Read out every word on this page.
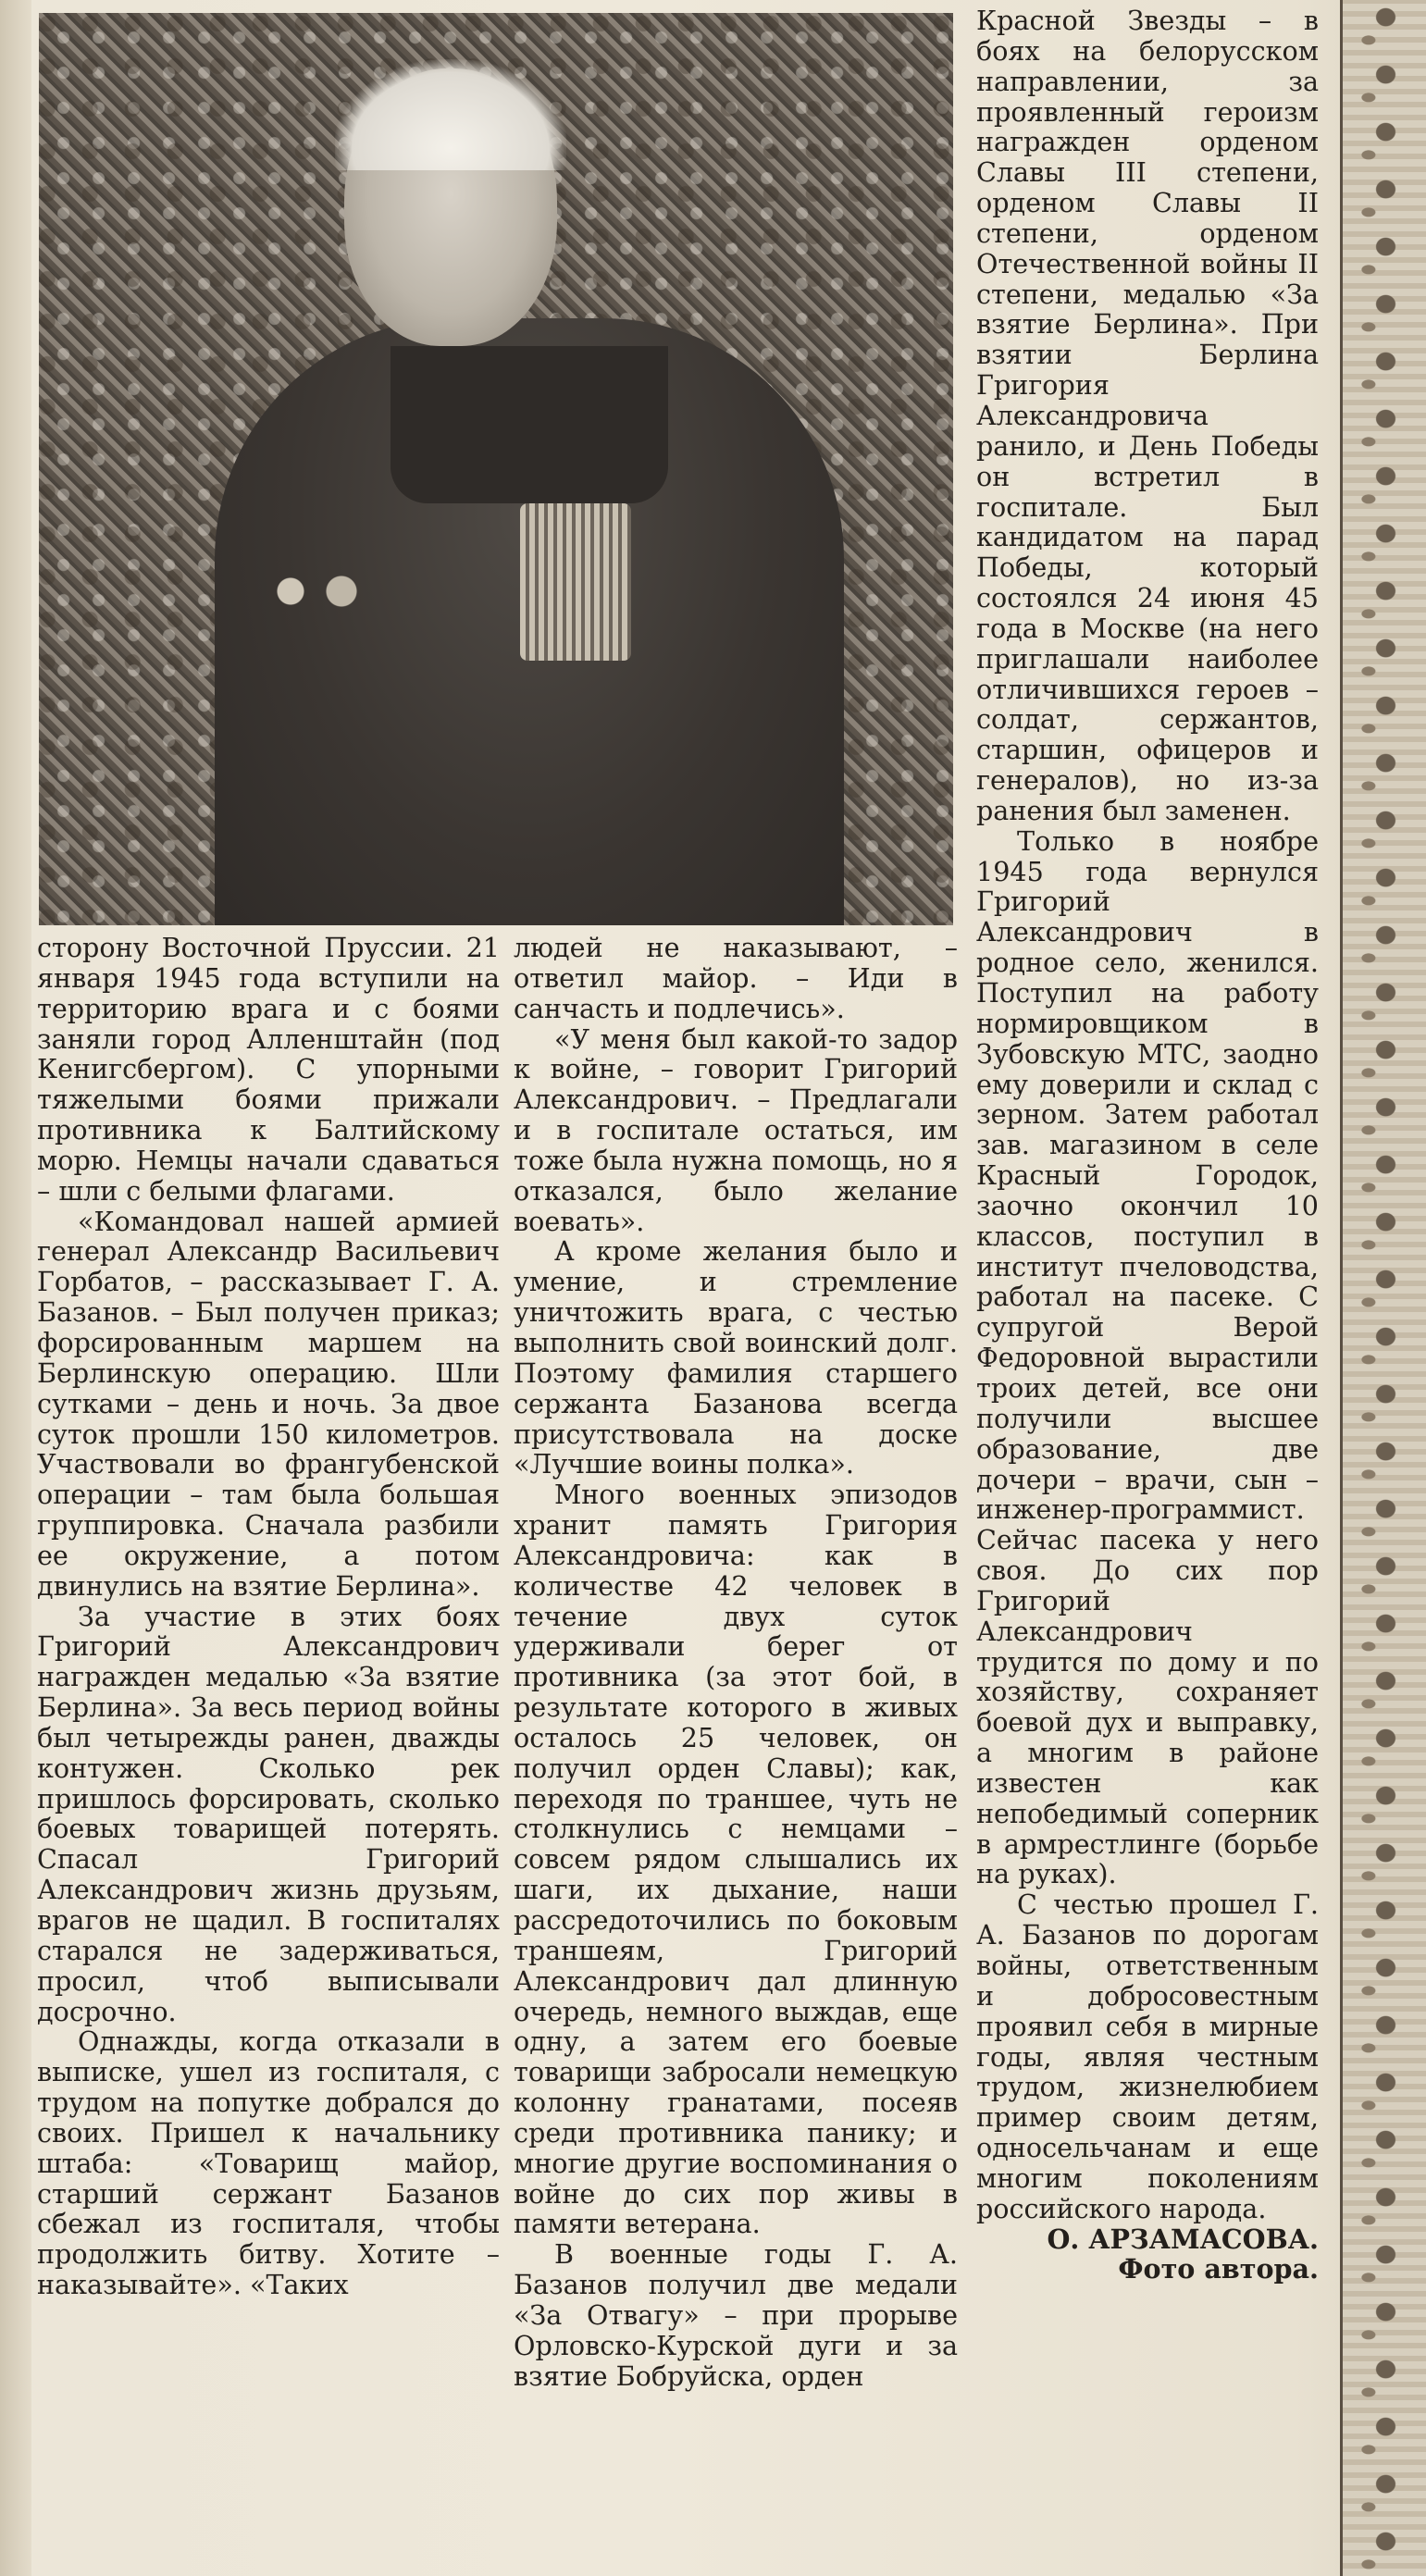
сторону Восточной Пруссии. 21 января 1945 года вступили на территорию врага и с боями заняли город Алленштайн (под Кенигсбергом). С упорными тяжелыми боями прижали противника к Балтийскому морю. Немцы начали сдаваться – шли с белыми флагами.

«Командовал нашей армией генерал Александр Васильевич Горбатов, – рассказывает Г. А. Базанов. – Был получен приказ; форсированным маршем на Берлинскую операцию. Шли сутками – день и ночь. За двое суток прошли 150 километров. Участвовали во франгубенской операции – там была большая группировка. Сначала разбили ее окружение, а потом двинулись на взятие Берлина».

За участие в этих боях Григорий Александрович награжден медалью «За взятие Берлина». За весь период войны был четырежды ранен, дважды контужен. Сколько рек пришлось форсировать, сколько боевых товарищей потерять. Спасал Григорий Александрович жизнь друзьям, врагов не щадил. В госпиталях старался не задерживаться, просил, чтоб выписывали досрочно.

Однажды, когда отказали в выписке, ушел из госпиталя, с трудом на попутке добрался до своих. Пришел к начальнику штаба: «Товарищ майор, старший сержант Базанов сбежал из госпиталя, чтобы продолжить битву. Хотите – наказывайте». «Таких

людей не наказывают, – ответил майор. – Иди в санчасть и подлечись».

«У меня был какой-то задор к войне, – говорит Григорий Александрович. – Предлагали и в госпитале остаться, им тоже была нужна помощь, но я отказался, было желание воевать».

А кроме желания было и умение, и стремление уничтожить врага, с честью выполнить свой воинский долг. Поэтому фамилия старшего сержанта Базанова всегда присутствовала на доске «Лучшие воины полка».

Много военных эпизодов хранит память Григория Александровича: как в количестве 42 человек в течение двух суток удерживали берег от противника (за этот бой, в результате которого в живых осталось 25 человек, он получил орден Славы); как, переходя по траншее, чуть не столкнулись с немцами – совсем рядом слышались их шаги, их дыхание, наши рассредоточились по боковым траншеям, Григорий Александрович дал длинную очередь, немного выждав, еще одну, а затем его боевые товарищи забросали немецкую колонну гранатами, посеяв среди противника панику; и многие другие воспоминания о войне до сих пор живы в памяти ветерана.

В военные годы Г. А. Базанов получил две медали «За Отвагу» – при прорыве Орловско-Курской дуги и за взятие Бобруйска, орден

Красной Звезды – в боях на белорусском направлении, за проявленный героизм награжден орденом Славы III степени, орденом Славы II степени, орденом Отечественной войны II степени, медалью «За взятие Берлина». При взятии Берлина Григория Александровича ранило, и День Победы он встретил в госпитале. Был кандидатом на парад Победы, который состоялся 24 июня 45 года в Москве (на него приглашали наиболее отличившихся героев – солдат, сержантов, старшин, офицеров и генералов), но из-за ранения был заменен.

Только в ноябре 1945 года вернулся Григорий Александрович в родное село, женился. Поступил на работу нормировщиком в Зубовскую МТС, заодно ему доверили и склад с зерном. Затем работал зав. магазином в селе Красный Городок, заочно окончил 10 классов, поступил в институт пчеловодства, работал на пасеке. С супругой Верой Федоровной вырастили троих детей, все они получили высшее образование, две дочери – врачи, сын – инженер-программист. Сейчас пасека у него своя. До сих пор Григорий Александрович трудится по дому и по хозяйству, сохраняет боевой дух и выправку, а многим в районе известен как непобедимый соперник в армрестлинге (борьбе на руках).

С честью прошел Г. А. Базанов по дорогам войны, ответственным и добросовестным проявил себя в мирные годы, являя честным трудом, жизнелюбием пример своим детям, односельчанам и еще многим поколениям российского народа.

О. АРЗАМАСОВА.

Фото автора.
